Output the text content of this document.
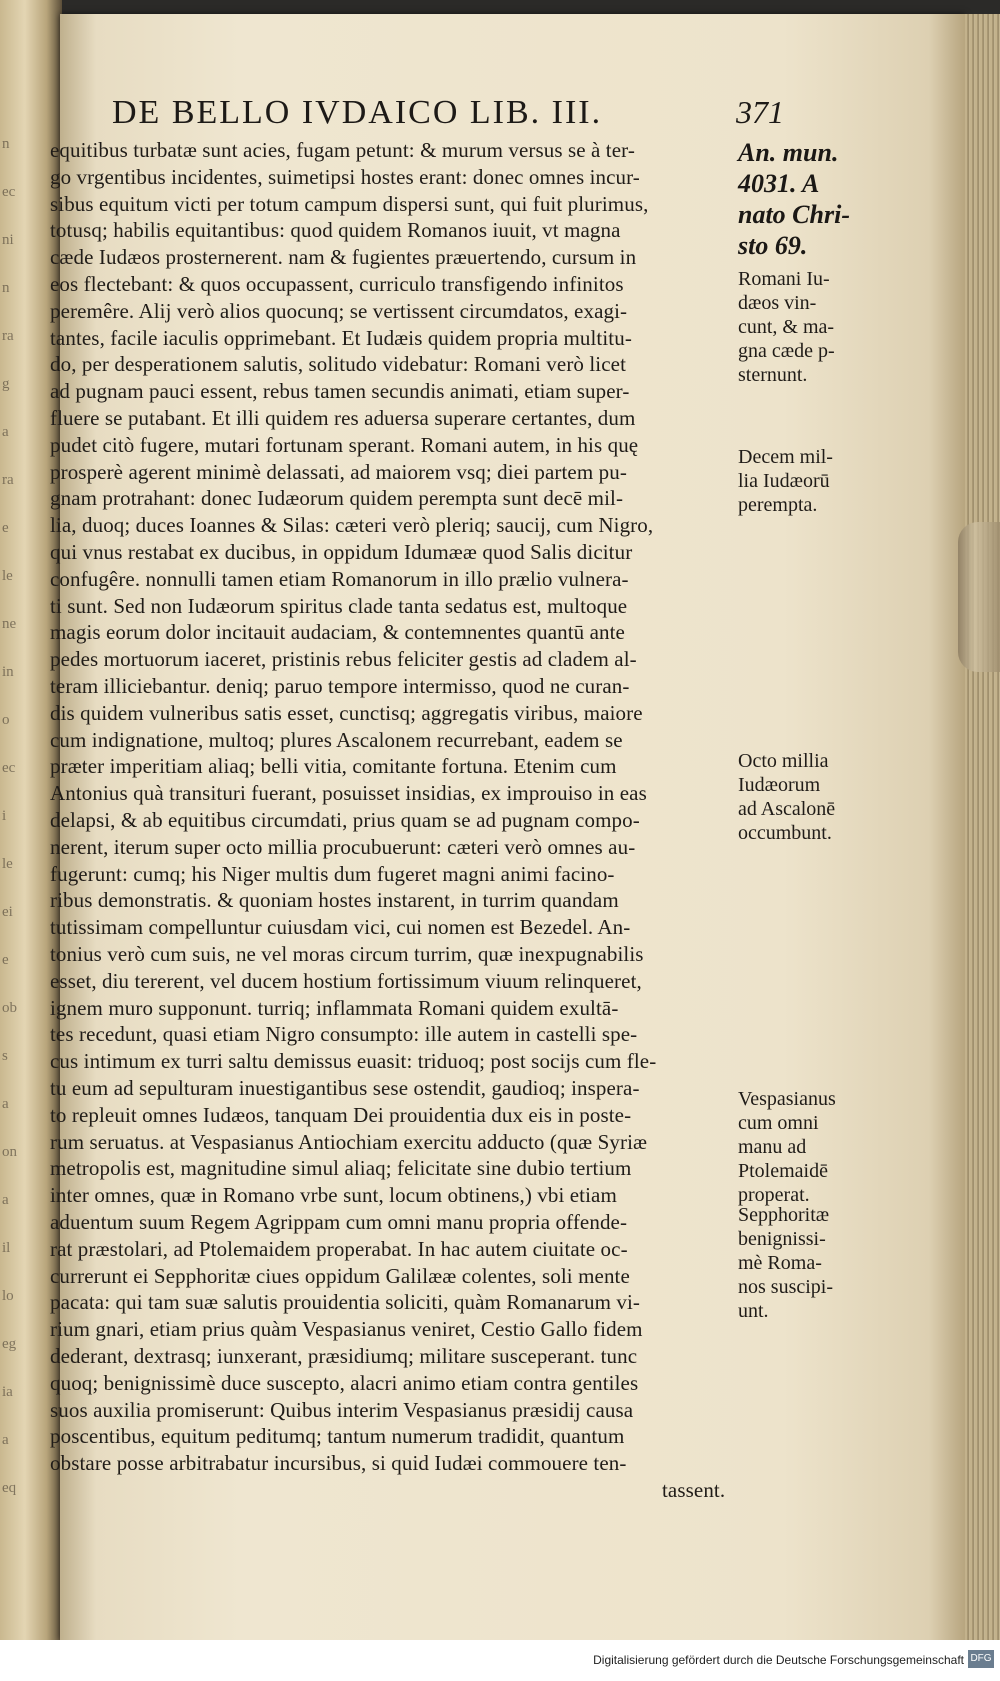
n
ec
ni
n
ra
g
a
ra
e
le
ne
in
o
ec
i
le
ei
e
ob
s
a
on
a
il
lo
eg
ia
a
eq
DE BELLO IVDAICO LIB. III.	371
equitibus turbatæ sunt acies, fugam petunt: & murum versus se à ter-
go vrgentibus incidentes, suimetipsi hostes erant: donec omnes incur-
sibus equitum victi per totum campum dispersi sunt, qui fuit plurimus,
totusq; habilis equitantibus: quod quidem Romanos iuuit, vt magna
cæde Iudæos prosternerent. nam & fugientes præuertendo, cursum in
eos flectebant: & quos occupassent, curriculo transfigendo infinitos
peremêre. Alij verò alios quocunq; se vertissent circumdatos, exagi-
tantes, facile iaculis opprimebant. Et Iudæis quidem propria multitu-
do, per desperationem salutis, solitudo videbatur: Romani verò licet
ad pugnam pauci essent, rebus tamen secundis animati, etiam super-
fluere se putabant. Et illi quidem res aduersa superare certantes, dum
pudet citò fugere, mutari fortunam sperant. Romani autem, in his quę
prosperè agerent minimè delassati, ad maiorem vsq; diei partem pu-
gnam protrahant: donec Iudæorum quidem perempta sunt decē mil-
lia, duoq; duces Ioannes & Silas: cæteri verò pleriq; saucij, cum Nigro,
qui vnus restabat ex ducibus, in oppidum Idumææ quod Salis dicitur
confugêre. nonnulli tamen etiam Romanorum in illo prælio vulnera-
ti sunt. Sed non Iudæorum spiritus clade tanta sedatus est, multoque
magis eorum dolor incitauit audaciam, & contemnentes quantū ante
pedes mortuorum iaceret, pristinis rebus feliciter gestis ad cladem al-
teram illiciebantur. deniq; paruo tempore intermisso, quod ne curan-
dis quidem vulneribus satis esset, cunctisq; aggregatis viribus, maiore
cum indignatione, multoq; plures Ascalonem recurrebant, eadem se
præter imperitiam aliaq; belli vitia, comitante fortuna. Etenim cum
Antonius quà transituri fuerant, posuisset insidias, ex improuiso in eas
delapsi, & ab equitibus circumdati, prius quam se ad pugnam compo-
nerent, iterum super octo millia procubuerunt: cæteri verò omnes au-
fugerunt: cumq; his Niger multis dum fugeret magni animi facino-
ribus demonstratis. & quoniam hostes instarent, in turrim quandam
tutissimam compelluntur cuiusdam vici, cui nomen est Bezedel. An-
tonius verò cum suis, ne vel moras circum turrim, quæ inexpugnabilis
esset, diu tererent, vel ducem hostium fortissimum viuum relinqueret,
ignem muro supponunt. turriq; inflammata Romani quidem exultā-
tes recedunt, quasi etiam Nigro consumpto: ille autem in castelli spe-
cus intimum ex turri saltu demissus euasit: triduoq; post socijs cum fle-
tu eum ad sepulturam inuestigantibus sese ostendit, gaudioq; inspera-
to repleuit omnes Iudæos, tanquam Dei prouidentia dux eis in poste-
rum seruatus. at Vespasianus Antiochiam exercitu adducto (quæ Syriæ
metropolis est, magnitudine simul aliaq; felicitate sine dubio tertium
inter omnes, quæ in Romano vrbe sunt, locum obtinens,) vbi etiam
aduentum suum Regem Agrippam cum omni manu propria offende-
rat præstolari, ad Ptolemaidem properabat. In hac autem ciuitate oc-
currerunt ei Sepphoritæ ciues oppidum Galilææ colentes, soli mente
pacata: qui tam suæ salutis prouidentia soliciti, quàm Romanarum vi-
rium gnari, etiam prius quàm Vespasianus veniret, Cestio Gallo fidem
dederant, dextrasq; iunxerant, præsidiumq; militare susceperant. tunc
quoq; benignissimè duce suscepto, alacri animo etiam contra gentiles
suos auxilia promiserunt: Quibus interim Vespasianus præsidij causa
poscentibus, equitum peditumq; tantum numerum tradidit, quantum
obstare posse arbitrabatur incursibus, si quid Iudæi commouere ten-
tassent.
An. mun.
4031. A
nato Chri-
sto 69.
Romani Iu-
dæos vin-
cunt, & ma-
gna cæde p-
sternunt.
Decem mil-
lia Iudæorū
perempta.
Octo millia
Iudæorum
ad Ascalonē
occumbunt.
Vespasianus
cum omni
manu ad
Ptolemaidē
properat.
Sepphoritæ
benignissi-
mè Roma-
nos suscipi-
unt.
Digitalisierung gefördert durch die Deutsche Forschungsgemeinschaft DFG
